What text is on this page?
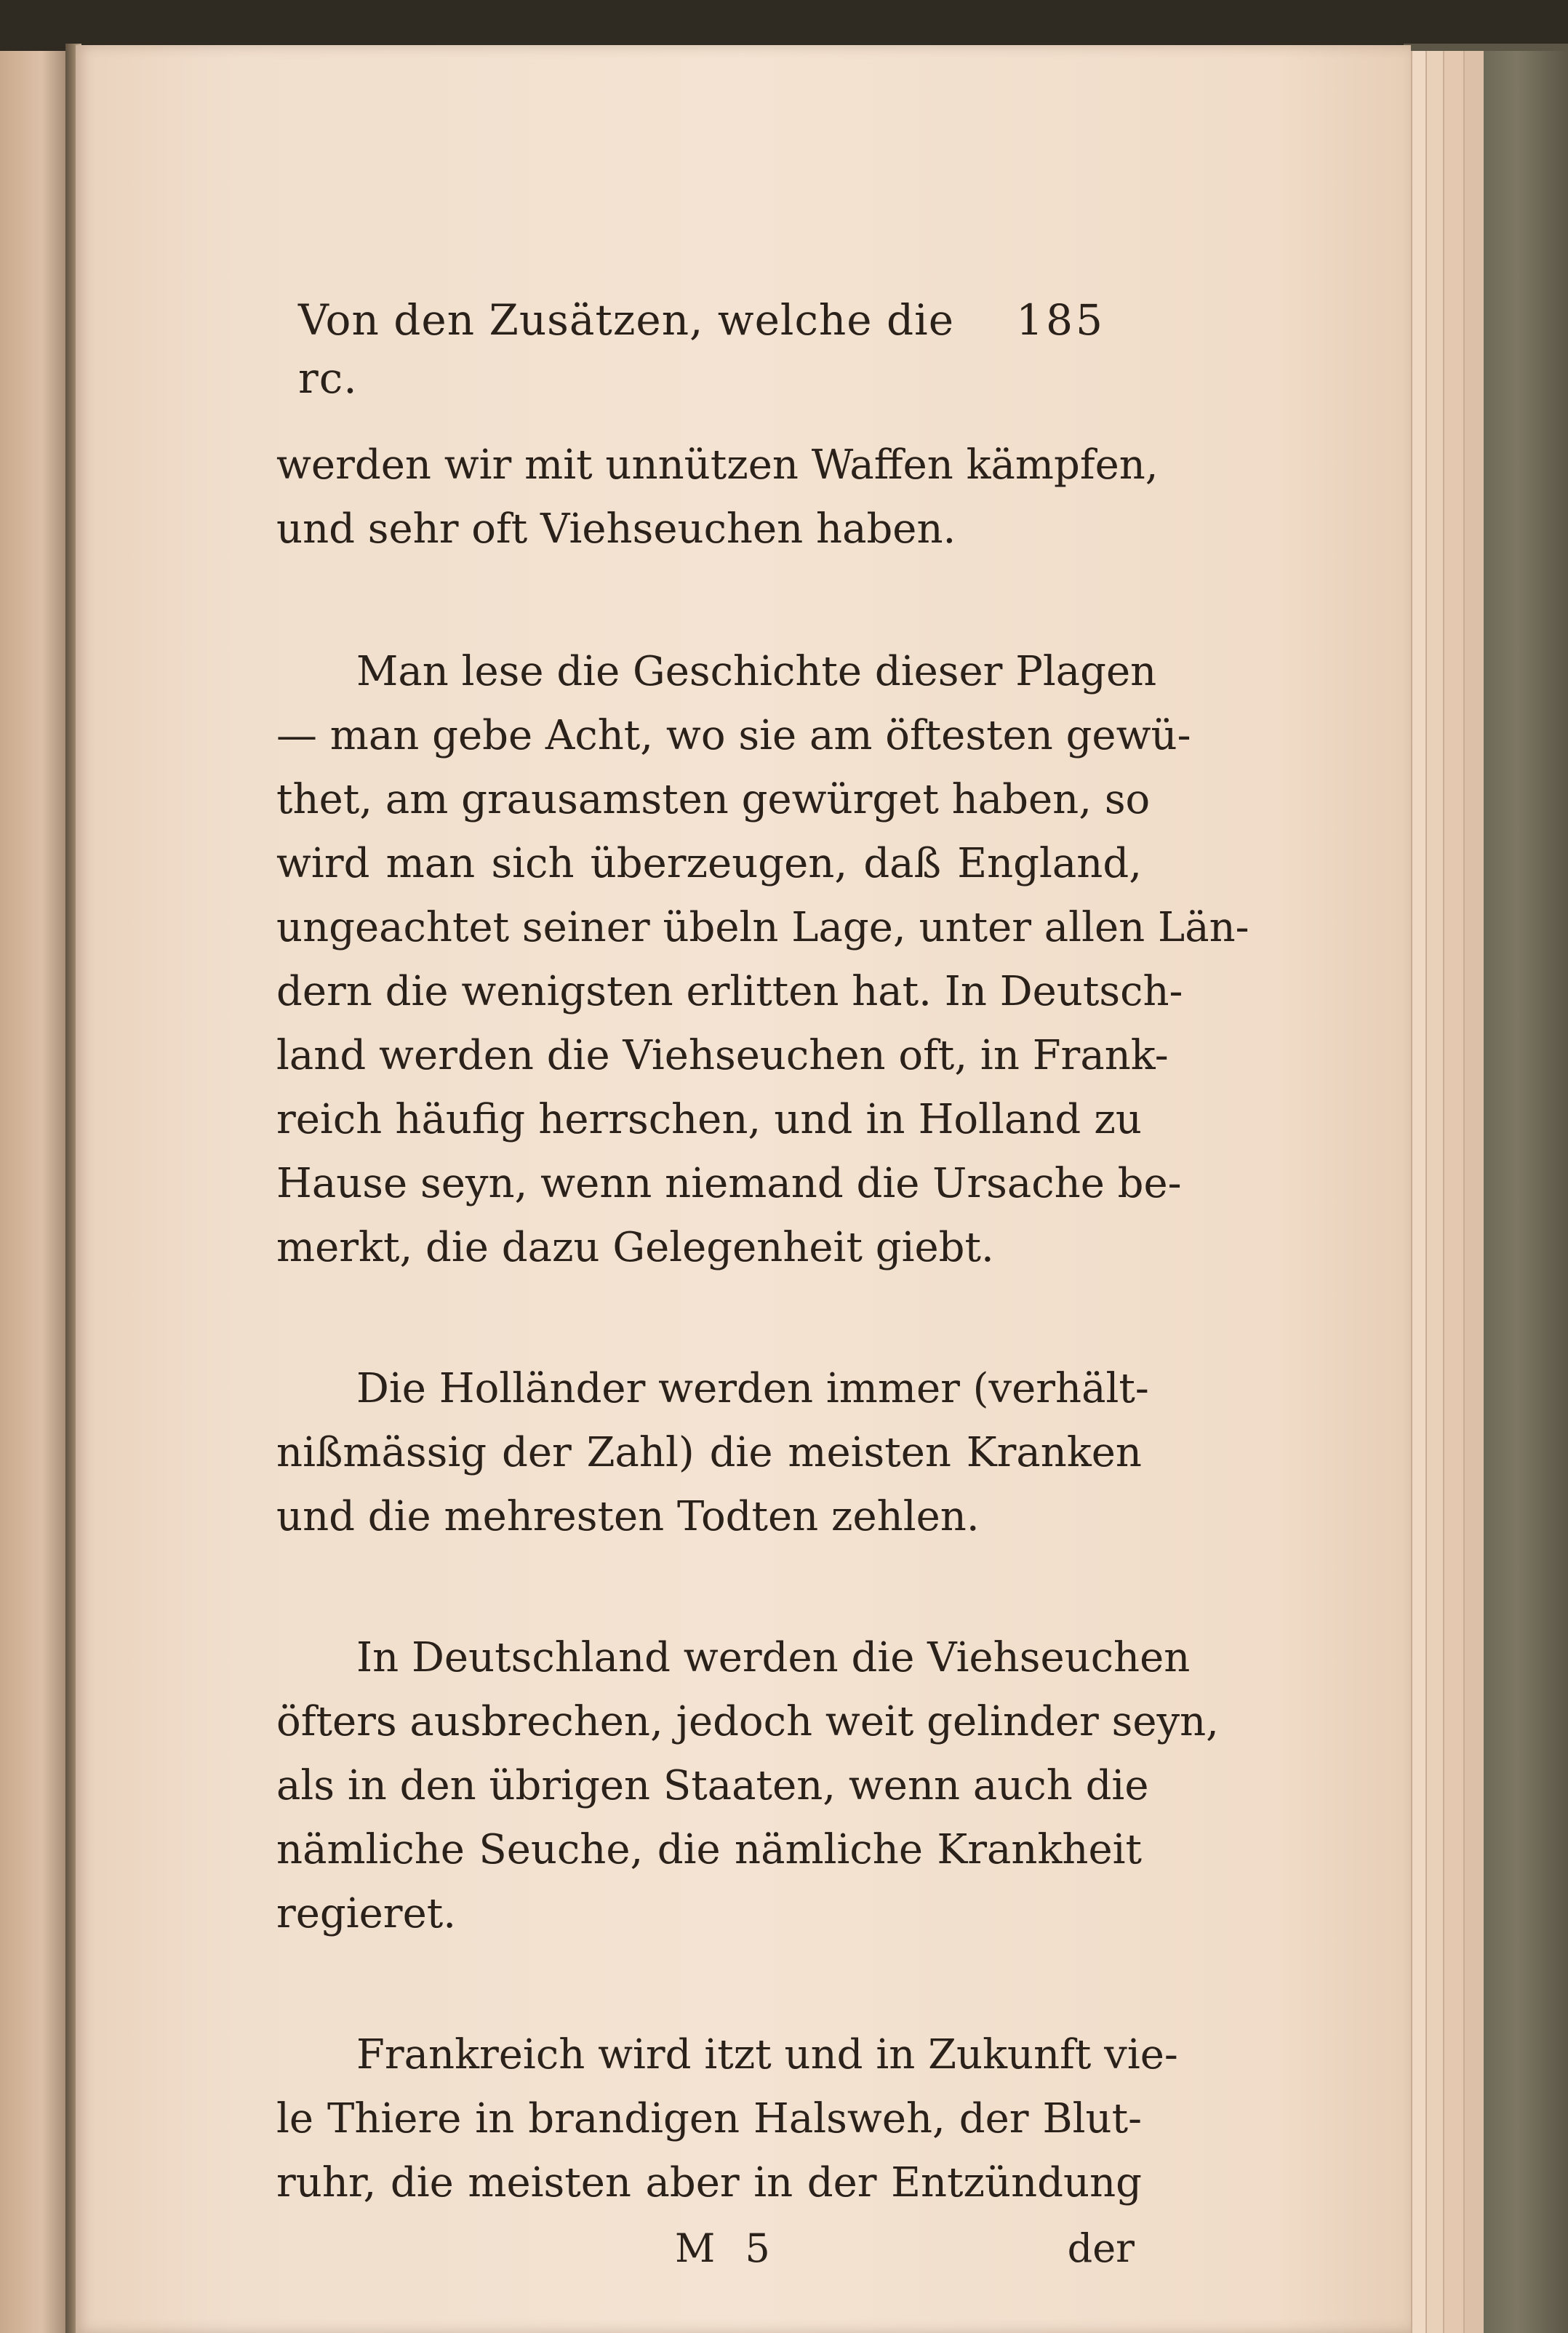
Von den Zusätzen, welche die rc.
185
werden wir mit unnützen Waffen kämpfen,
und sehr oft Viehseuchen haben.
Man lese die Geschichte dieser Plagen
— man gebe Acht, wo sie am öftesten gewü-
thet, am grausamsten gewürget haben, so
wird man sich überzeugen, daß England,
ungeachtet seiner übeln Lage, unter allen Län-
dern die wenigsten erlitten hat. In Deutsch-
land werden die Viehseuchen oft, in Frank-
reich häufig herrschen, und in Holland zu
Hause seyn, wenn niemand die Ursache be-
merkt, die dazu Gelegenheit giebt.
Die Holländer werden immer (verhält-
nißmässig der Zahl) die meisten Kranken
und die mehresten Todten zehlen.
In Deutschland werden die Viehseuchen
öfters ausbrechen, jedoch weit gelinder seyn,
als in den übrigen Staaten, wenn auch die
nämliche Seuche, die nämliche Krankheit
regieret.
Frankreich wird itzt und in Zukunft vie-
le Thiere in brandigen Halsweh, der Blut-
ruhr, die meisten aber in der Entzündung
M 5	der
